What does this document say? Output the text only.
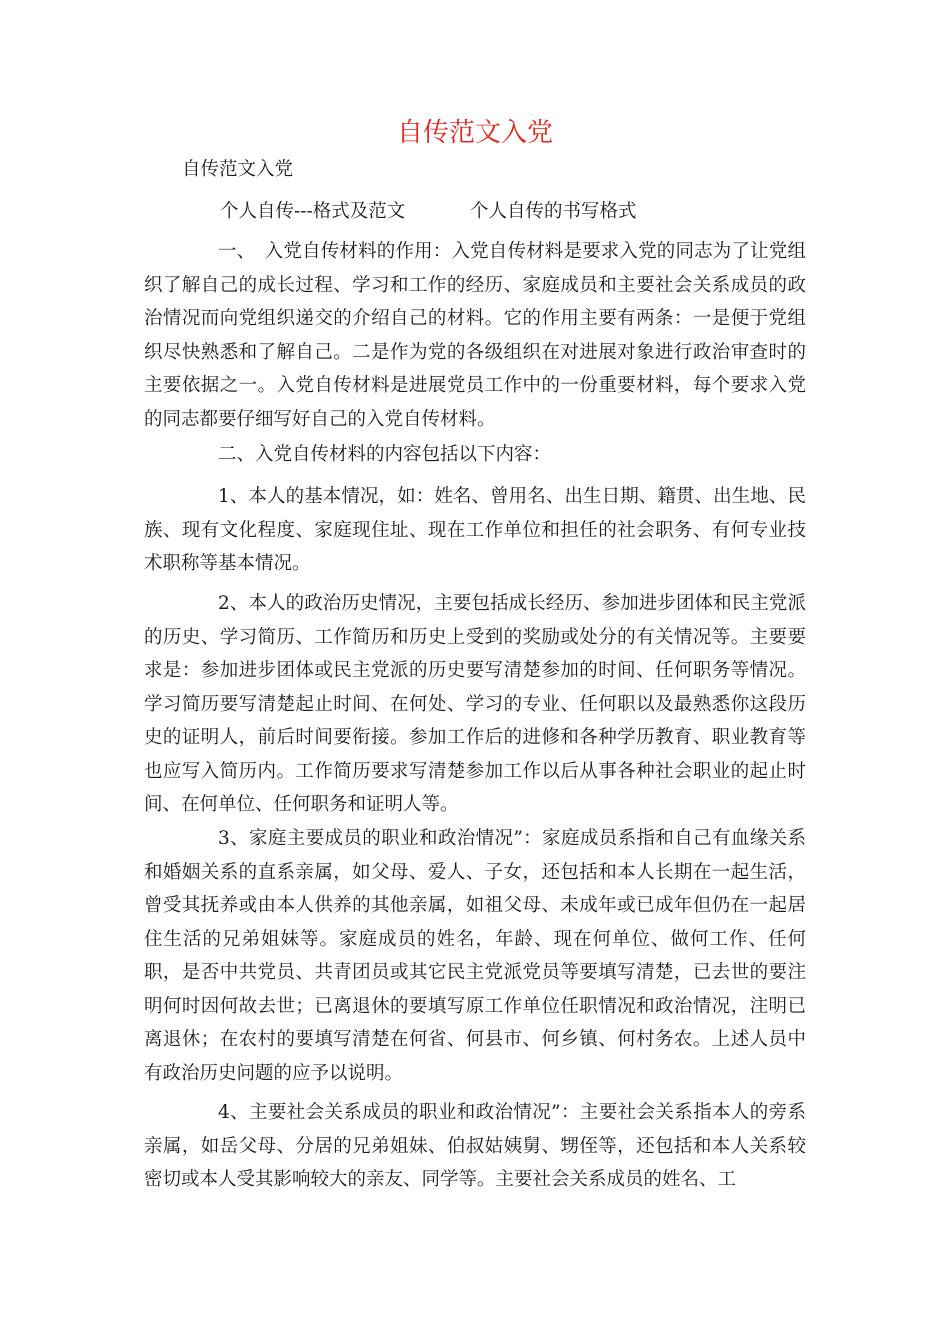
自传范文入党
自传范文入党
个人自传---格式及范文	个人自传的书写格式

一、　入党自传材料的作用：入党自传材料是要求入党的同志为了让党组织了解自己的成长过程、学习和工作的经历、家庭成员和主要社会关系成员的政治情况而向党组织递交的介绍自己的材料。它的作用主要有两条：一是便于党组织尽快熟悉和了解自己。二是作为党的各级组织在对进展对象进行政治审查时的主要依据之一。入党自传材料是进展党员工作中的一份重要材料，每个要求入党的同志都要仔细写好自己的入党自传材料。

二、入党自传材料的内容包括以下内容：

1、本人的基本情况，如：姓名、曾用名、出生日期、籍贯、出生地、民族、现有文化程度、家庭现住址、现在工作单位和担任的社会职务、有何专业技术职称等基本情况。

2、本人的政治历史情况，主要包括成长经历、参加进步团体和民主党派的历史、学习简历、工作简历和历史上受到的奖励或处分的有关情况等。主要要求是：参加进步团体或民主党派的历史要写清楚参加的时间、任何职务等情况。学习简历要写清楚起止时间、在何处、学习的专业、任何职以及最熟悉你这段历史的证明人，前后时间要衔接。参加工作后的进修和各种学历教育、职业教育等也应写入简历内。工作简历要求写清楚参加工作以后从事各种社会职业的起止时间、在何单位、任何职务和证明人等。

3、家庭主要成员的职业和政治情况”：家庭成员系指和自己有血缘关系和婚姻关系的直系亲属，如父母、爱人、子女，还包括和本人长期在一起生活，曾受其抚养或由本人供养的其他亲属，如祖父母、未成年或已成年但仍在一起居住生活的兄弟姐妹等。家庭成员的姓名，年龄、现在何单位、做何工作、任何职，是否中共党员、共青团员或其它民主党派党员等要填写清楚，已去世的要注明何时因何故去世；已离退休的要填写原工作单位任职情况和政治情况，注明已离退休；在农村的要填写清楚在何省、何县市、何乡镇、何村务农。上述人员中有政治历史问题的应予以说明。

4、主要社会关系成员的职业和政治情况”：主要社会关系指本人的旁系亲属，如岳父母、分居的兄弟姐妹、伯叔姑姨舅、甥侄等，还包括和本人关系较密切或本人受其影响较大的亲友、同学等。主要社会关系成员的姓名、工
